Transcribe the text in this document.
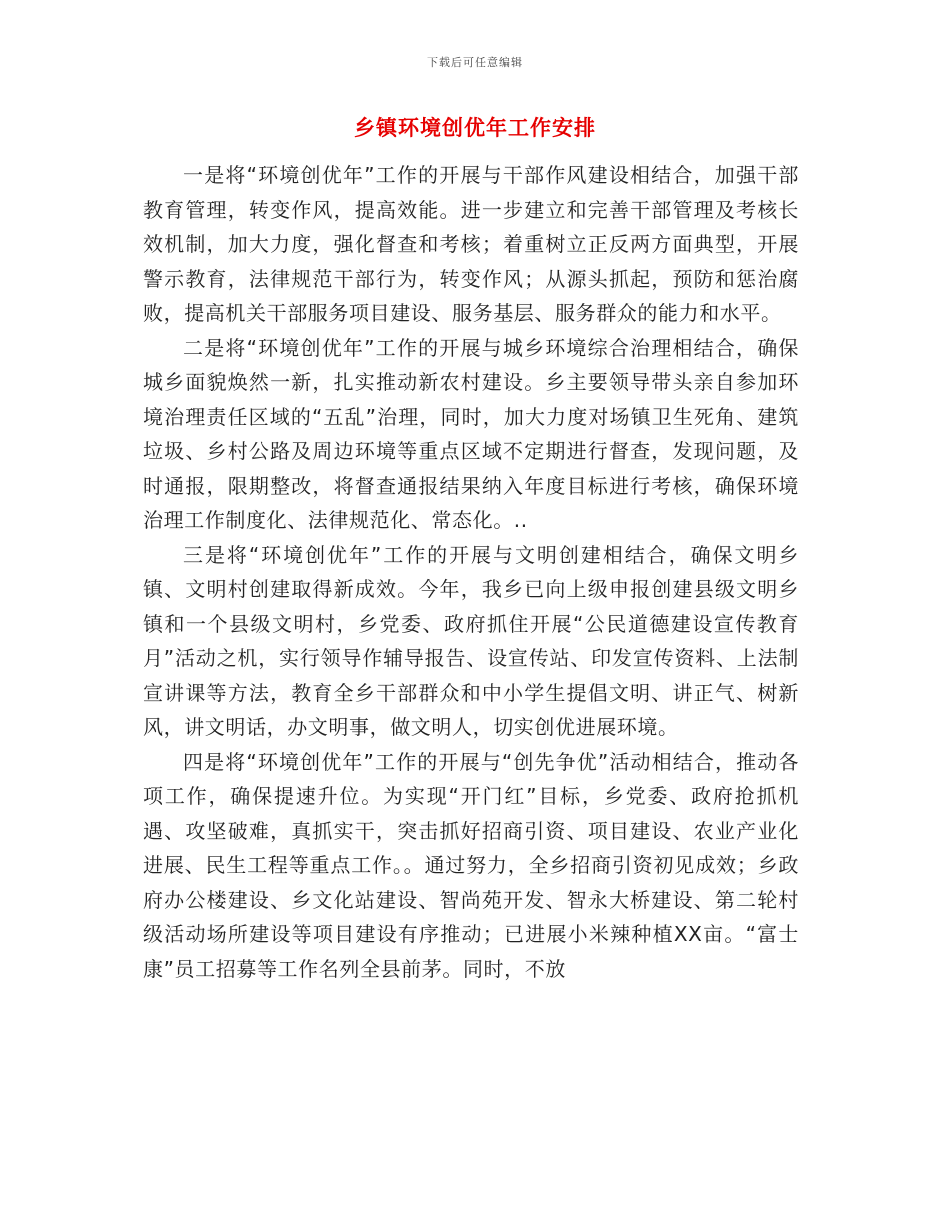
下载后可任意编辑
乡镇环境创优年工作安排

一是将“环境创优年”工作的开展与干部作风建设相结合，加强干部教育管理，转变作风，提高效能。进一步建立和完善干部管理及考核长效机制，加大力度，强化督查和考核；着重树立正反两方面典型，开展警示教育，法律规范干部行为，转变作风；从源头抓起，预防和惩治腐败，提高机关干部服务项目建设、服务基层、服务群众的能力和水平。

二是将“环境创优年”工作的开展与城乡环境综合治理相结合，确保城乡面貌焕然一新，扎实推动新农村建设。乡主要领导带头亲自参加环境治理责任区域的“五乱”治理，同时，加大力度对场镇卫生死角、建筑垃圾、乡村公路及周边环境等重点区域不定期进行督查，发现问题，及时通报，限期整改，将督查通报结果纳入年度目标进行考核，确保环境治理工作制度化、法律规范化、常态化。..

三是将“环境创优年”工作的开展与文明创建相结合，确保文明乡镇、文明村创建取得新成效。今年，我乡已向上级申报创建县级文明乡镇和一个县级文明村，乡党委、政府抓住开展“公民道德建设宣传教育月”活动之机，实行领导作辅导报告、设宣传站、印发宣传资料、上法制宣讲课等方法，教育全乡干部群众和中小学生提倡文明、讲正气、树新风，讲文明话，办文明事，做文明人，切实创优进展环境。

四是将“环境创优年”工作的开展与“创先争优”活动相结合，推动各项工作，确保提速升位。为实现“开门红”目标，乡党委、政府抢抓机遇、攻坚破难，真抓实干，突击抓好招商引资、项目建设、农业产业化进展、民生工程等重点工作。。通过努力，全乡招商引资初见成效；乡政府办公楼建设、乡文化站建设、智尚苑开发、智永大桥建设、第二轮村级活动场所建设等项目建设有序推动；已进展小米辣种植XX亩。“富士康”员工招募等工作名列全县前茅。同时，不放
